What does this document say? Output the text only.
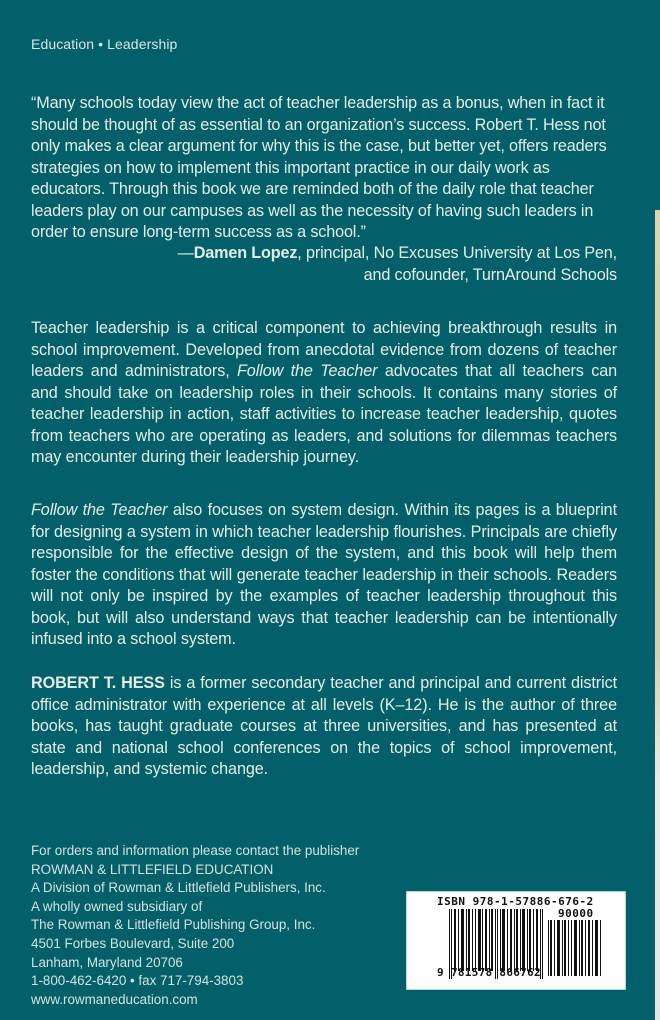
Education • Leadership
“Many schools today view the act of teacher leadership as a bonus, when in fact it should be thought of as essential to an organization’s success. Robert T. Hess not only makes a clear argument for why this is the case, but better yet, offers readers strategies on how to implement this important practice in our daily work as educators. Through this book we are reminded both of the daily role that teacher leaders play on our campuses as well as the necessity of having such leaders in order to ensure long-term success as a school.”
—Damen Lopez, principal, No Excuses University at Los Pen,
and cofounder, TurnAround Schools
Teacher leadership is a critical component to achieving breakthrough results in school improvement. Developed from anecdotal evidence from dozens of teacher leaders and administrators, Follow the Teacher advocates that all teachers can and should take on leadership roles in their schools. It contains many stories of teacher leadership in action, staff activities to increase teacher leadership, quotes from teachers who are operating as leaders, and solutions for dilemmas teachers may encounter during their leadership journey.
Follow the Teacher also focuses on system design. Within its pages is a blueprint for designing a system in which teacher leadership flourishes. Principals are chiefly responsible for the effective design of the system, and this book will help them foster the conditions that will generate teacher leadership in their schools. Readers will not only be inspired by the examples of teacher leadership throughout this book, but will also understand ways that teacher leadership can be intentionally infused into a school system.
ROBERT T. HESS is a former secondary teacher and principal and current district office administrator with experience at all levels (K–12). He is the author of three books, has taught graduate courses at three universities, and has presented at state and national school conferences on the topics of school improvement, leadership, and systemic change.
For orders and information please contact the publisher
ROWMAN & LITTLEFIELD EDUCATION
A Division of Rowman & Littlefield Publishers, Inc.
A wholly owned subsidiary of
The Rowman & Littlefield Publishing Group, Inc.
4501 Forbes Boulevard, Suite 200
Lanham, Maryland 20706
1-800-462-6420 • fax 717-794-3803
www.rowmaneducation.com
ISBN 978-1-57886-676-2
90000
9 781578 866762
